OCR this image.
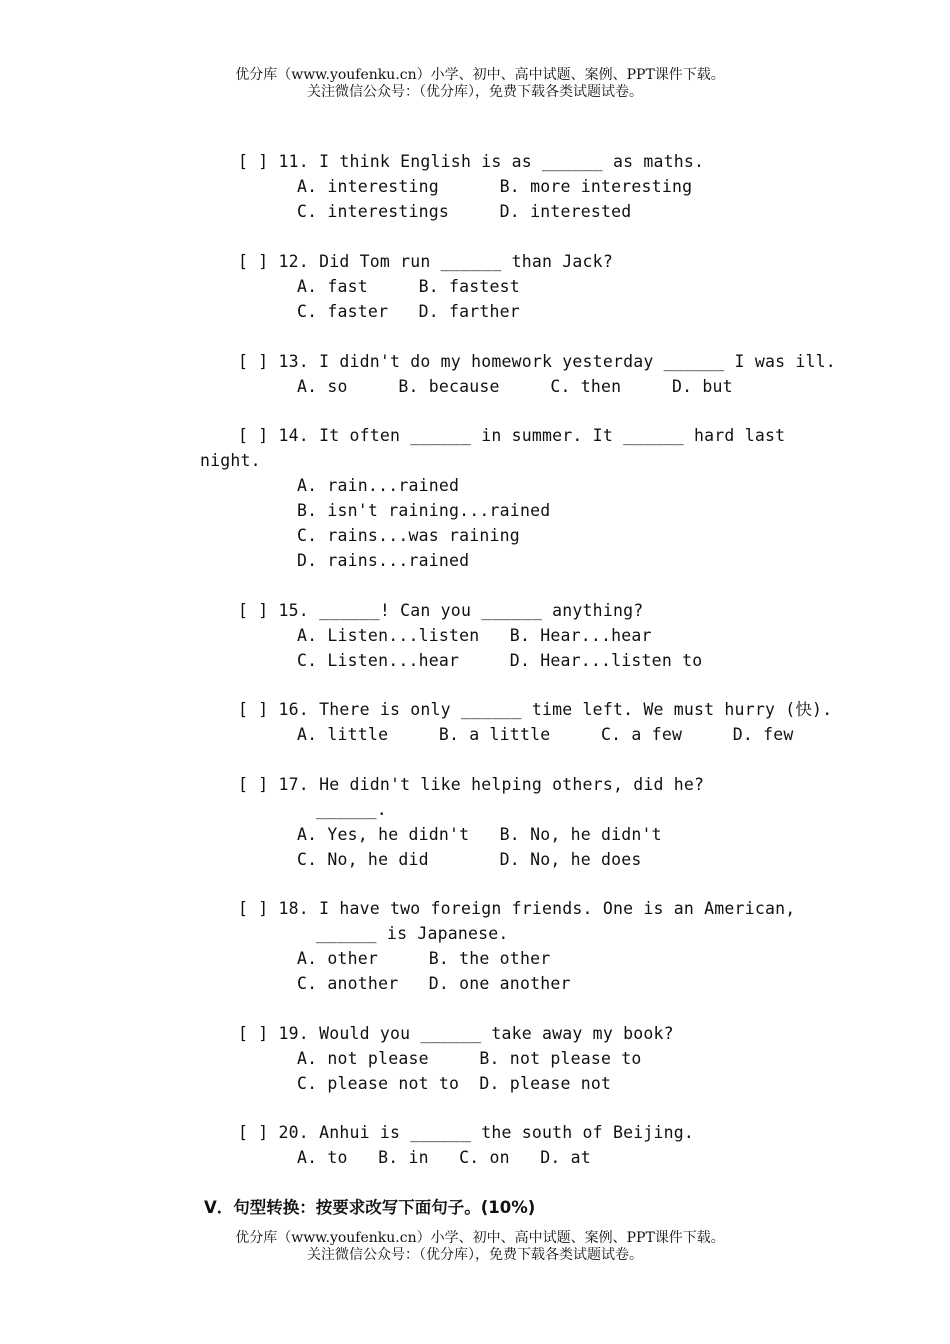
优分库（www.youfenku.cn）小学、初中、高中试题、案例、PPT课件下载。
关注微信公众号：（优分库），免费下载各类试题试卷。
[ ] 11. I think English is as ______ as maths.
A. interesting      B. more interesting
C. interestings     D. interested
[ ] 12. Did Tom run ______ than Jack?
A. fast     B. fastest
C. faster   D. farther
[ ] 13. I didn't do my homework yesterday ______ I was ill.
A. so     B. because     C. then     D. but
[ ] 14. It often ______ in summer. It ______ hard last
night.
A. rain...rained
B. isn't raining...rained
C. rains...was raining
D. rains...rained
[ ] 15. ______! Can you ______ anything?
A. Listen...listen   B. Hear...hear
C. Listen...hear     D. Hear...listen to
[ ] 16. There is only ______ time left. We must hurry (快).
A. little     B. a little     C. a few     D. few
[ ] 17. He didn't like helping others, did he?
______.
A. Yes, he didn't   B. No, he didn't
C. No, he did       D. No, he does
[ ] 18. I have two foreign friends. One is an American,
______ is Japanese.
A. other     B. the other
C. another   D. one another
[ ] 19. Would you ______ take away my book?
A. not please     B. not please to
C. please not to  D. please not
[ ] 20. Anhui is ______ the south of Beijing.
A. to   B. in   C. on   D. at
V．句型转换：按要求改写下面句子。(10%)
优分库（www.youfenku.cn）小学、初中、高中试题、案例、PPT课件下载。
关注微信公众号：（优分库），免费下载各类试题试卷。
